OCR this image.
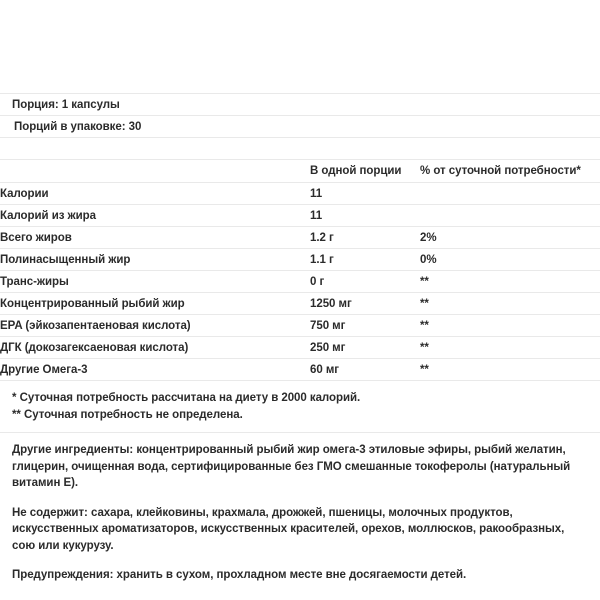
Порция: 1 капсулы
Порций в упаковке: 30
	В одной порции	% от суточной потребности*
Калории	11	
Калорий из жира	11	
Всего жиров	1.2 г	2%
Полинасыщенный жир	1.1 г	0%
Транс-жиры	0 г	**
Концентрированный рыбий жир	1250 мг	**
EPA (эйкозапентаеновая кислота)	750 мг	**
ДГК (докозагексаеновая кислота)	250 мг	**
Другие Омега-3	60 мг	**
* Суточная потребность рассчитана на диету в 2000 калорий.
** Суточная потребность не определена.

Другие ингредиенты: концентрированный рыбий жир омега-3 этиловые эфиры, рыбий желатин, глицерин, очищенная вода, сертифицированные без ГМО смешанные токоферолы (натуральный витамин Е).

Не содержит: сахара, клейковины, крахмала, дрожжей, пшеницы, молочных продуктов, искусственных ароматизаторов, искусственных красителей, орехов, моллюсков, ракообразных, сою или кукурузу.

Предупреждения: хранить в сухом, прохладном месте вне досягаемости детей.
